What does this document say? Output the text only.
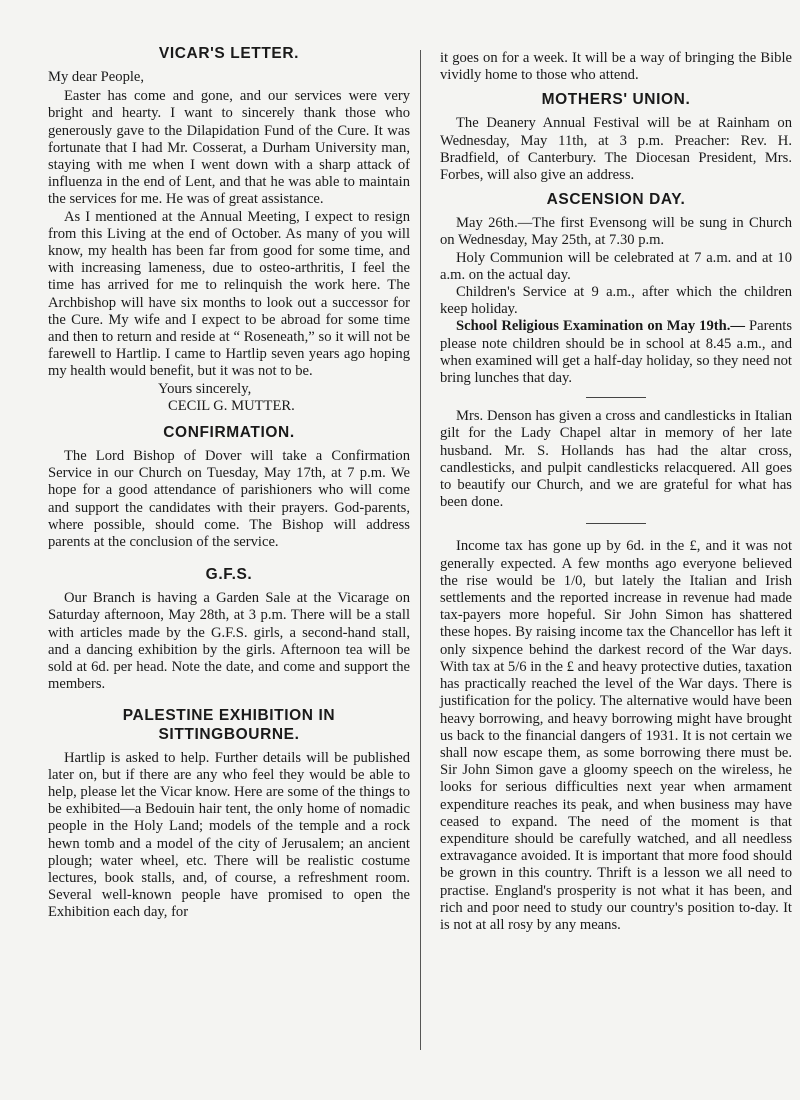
VICAR'S LETTER.

My dear People,

Easter has come and gone, and our services were very bright and hearty. I want to sincerely thank those who generously gave to the Dilapidation Fund of the Cure. It was fortunate that I had Mr. Cosserat, a Durham University man, staying with me when I went down with a sharp attack of influenza in the end of Lent, and that he was able to maintain the services for me. He was of great assistance.

As I mentioned at the Annual Meeting, I expect to resign from this Living at the end of October. As many of you will know, my health has been far from good for some time, and with increasing lameness, due to osteo-arthritis, I feel the time has arrived for me to relinquish the work here. The Archbishop will have six months to look out a successor for the Cure. My wife and I expect to be abroad for some time and then to return and reside at “ Roseneath,” so it will not be farewell to Hartlip. I came to Hartlip seven years ago hoping my health would benefit, but it was not to be.

Yours sincerely,

CECIL G. MUTTER.

CONFIRMATION.

The Lord Bishop of Dover will take a Confirmation Service in our Church on Tuesday, May 17th, at 7 p.m. We hope for a good attendance of parishioners who will come and support the candidates with their prayers. God-parents, where possible, should come. The Bishop will address parents at the conclusion of the service.

G.F.S.

Our Branch is having a Garden Sale at the Vicarage on Saturday afternoon, May 28th, at 3 p.m. There will be a stall with articles made by the G.F.S. girls, a second-hand stall, and a dancing exhibition by the girls. Afternoon tea will be sold at 6d. per head. Note the date, and come and support the members.

PALESTINE EXHIBITION IN
SITTINGBOURNE.

Hartlip is asked to help. Further details will be published later on, but if there are any who feel they would be able to help, please let the Vicar know. Here are some of the things to be exhibited—a Bedouin hair tent, the only home of nomadic people in the Holy Land; models of the temple and a rock hewn tomb and a model of the city of Jerusalem; an ancient plough; water wheel, etc. There will be realistic costume lectures, book stalls, and, of course, a refreshment room. Several well-known people have promised to open the Exhibition each day, for

it goes on for a week. It will be a way of bringing the Bible vividly home to those who attend.

MOTHERS' UNION.

The Deanery Annual Festival will be at Rainham on Wednesday, May 11th, at 3 p.m. Preacher: Rev. H. Bradfield, of Canterbury. The Diocesan President, Mrs. Forbes, will also give an address.

ASCENSION DAY.

May 26th.—The first Evensong will be sung in Church on Wednesday, May 25th, at 7.30 p.m.

Holy Communion will be celebrated at 7 a.m. and at 10 a.m. on the actual day.

Children's Service at 9 a.m., after which the children keep holiday.

School Religious Examination on May 19th.— Parents please note children should be in school at 8.45 a.m., and when examined will get a half-day holiday, so they need not bring lunches that day.

Mrs. Denson has given a cross and candlesticks in Italian gilt for the Lady Chapel altar in memory of her late husband. Mr. S. Hollands has had the altar cross, candlesticks, and pulpit candlesticks relacquered. All goes to beautify our Church, and we are grateful for what has been done.

Income tax has gone up by 6d. in the £, and it was not generally expected. A few months ago everyone believed the rise would be 1/0, but lately the Italian and Irish settlements and the reported increase in revenue had made tax-payers more hopeful. Sir John Simon has shattered these hopes. By raising income tax the Chancellor has left it only sixpence behind the darkest record of the War days. With tax at 5/6 in the £ and heavy protective duties, taxation has practically reached the level of the War days. There is justification for the policy. The alternative would have been heavy borrowing, and heavy borrowing might have brought us back to the financial dangers of 1931. It is not certain we shall now escape them, as some borrowing there must be. Sir John Simon gave a gloomy speech on the wireless, he looks for serious difficulties next year when armament expenditure reaches its peak, and when business may have ceased to expand. The need of the moment is that expenditure should be carefully watched, and all needless extravagance avoided. It is important that more food should be grown in this country. Thrift is a lesson we all need to practise. England's prosperity is not what it has been, and rich and poor need to study our country's position to-day. It is not at all rosy by any means.
